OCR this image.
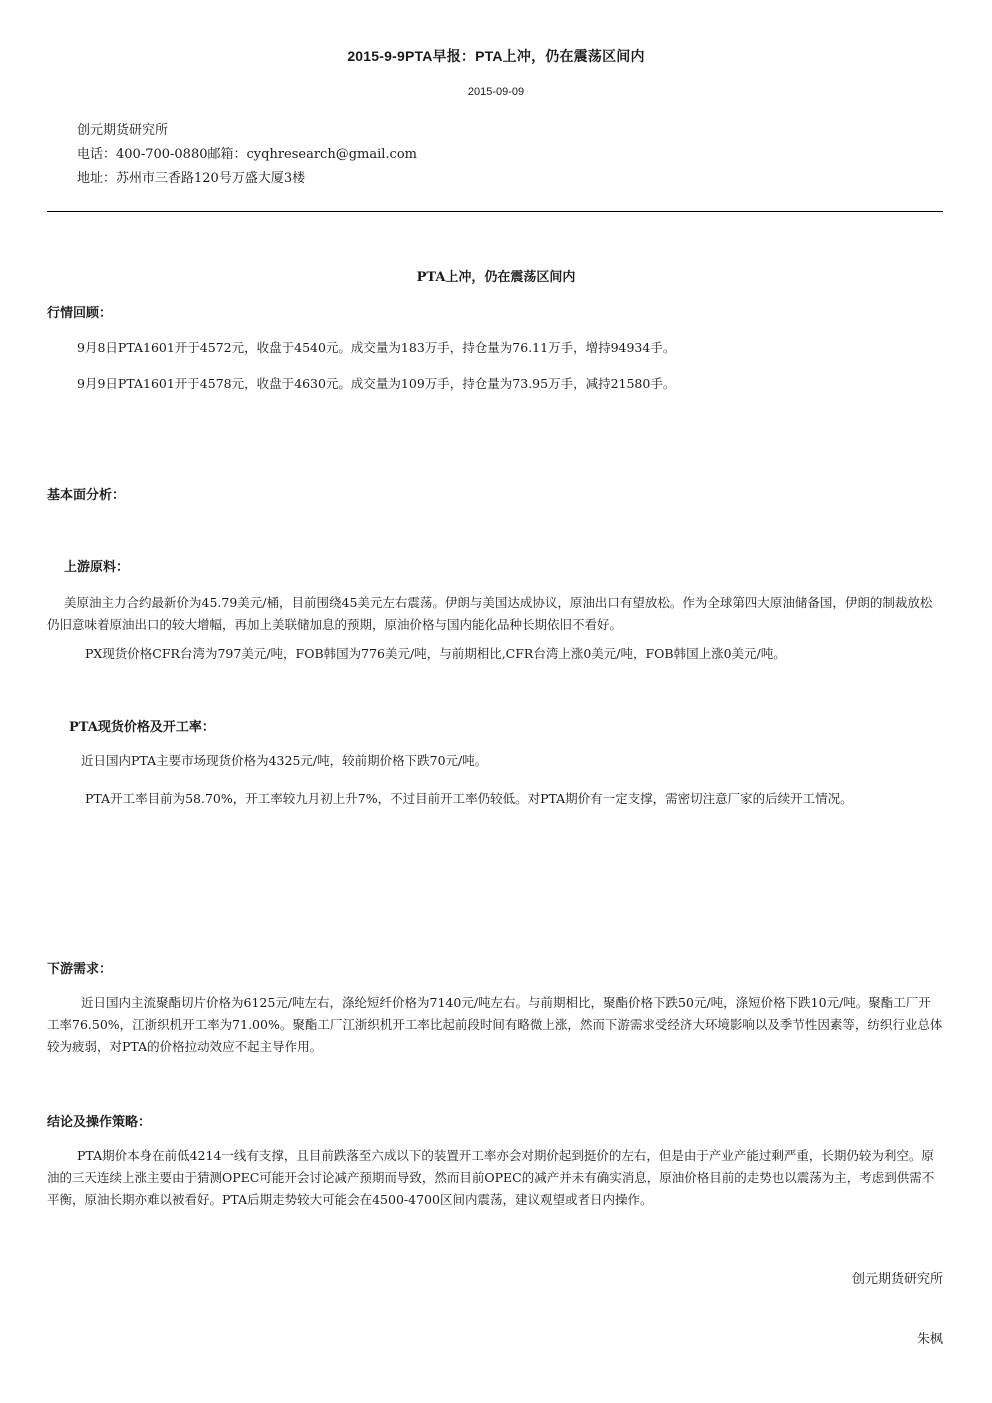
2015-9-9PTA早报：PTA上冲，仍在震荡区间内
2015-09-09
创元期货研究所
电话：400-700-0880邮箱：cyqhresearch@gmail.com
地址：苏州市三香路120号万盛大厦3楼
PTA上冲，仍在震荡区间内
行情回顾：
9月8日PTA1601开于4572元，收盘于4540元。成交量为183万手，持仓量为76.11万手，增持94934手。
9月9日PTA1601开于4578元，收盘于4630元。成交量为109万手，持仓量为73.95万手，减持21580手。
基本面分析：
上游原料：
美原油主力合约最新价为45.79美元/桶，目前围绕45美元左右震荡。伊朗与美国达成协议，原油出口有望放松。作为全球第四大原油储备国，伊朗的制裁放松仍旧意味着原油出口的较大增幅，再加上美联储加息的预期，原油价格与国内能化品种长期依旧不看好。
PX现货价格CFR台湾为797美元/吨，FOB韩国为776美元/吨，与前期相比,CFR台湾上涨0美元/吨，FOB韩国上涨0美元/吨。
PTA现货价格及开工率：
近日国内PTA主要市场现货价格为4325元/吨，较前期价格下跌70元/吨。
PTA开工率目前为58.70%，开工率较九月初上升7%，不过目前开工率仍较低。对PTA期价有一定支撑，需密切注意厂家的后续开工情况。
下游需求：
近日国内主流聚酯切片价格为6125元/吨左右，涤纶短纤价格为7140元/吨左右。与前期相比，聚酯价格下跌50元/吨，涤短价格下跌10元/吨。聚酯工厂开工率76.50%，江浙织机开工率为71.00%。聚酯工厂江浙织机开工率比起前段时间有略微上涨，然而下游需求受经济大环境影响以及季节性因素等，纺织行业总体较为疲弱，对PTA的价格拉动效应不起主导作用。
结论及操作策略：
PTA期价本身在前低4214一线有支撑，且目前跌落至六成以下的装置开工率亦会对期价起到挺价的左右，但是由于产业产能过剩严重，长期仍较为利空。原油的三天连续上涨主要由于猜测OPEC可能开会讨论减产预期而导致，然而目前OPEC的减产并未有确实消息，原油价格目前的走势也以震荡为主，考虑到供需不平衡，原油长期亦难以被看好。PTA后期走势较大可能会在4500-4700区间内震荡，建议观望或者日内操作。
创元期货研究所
朱枫
